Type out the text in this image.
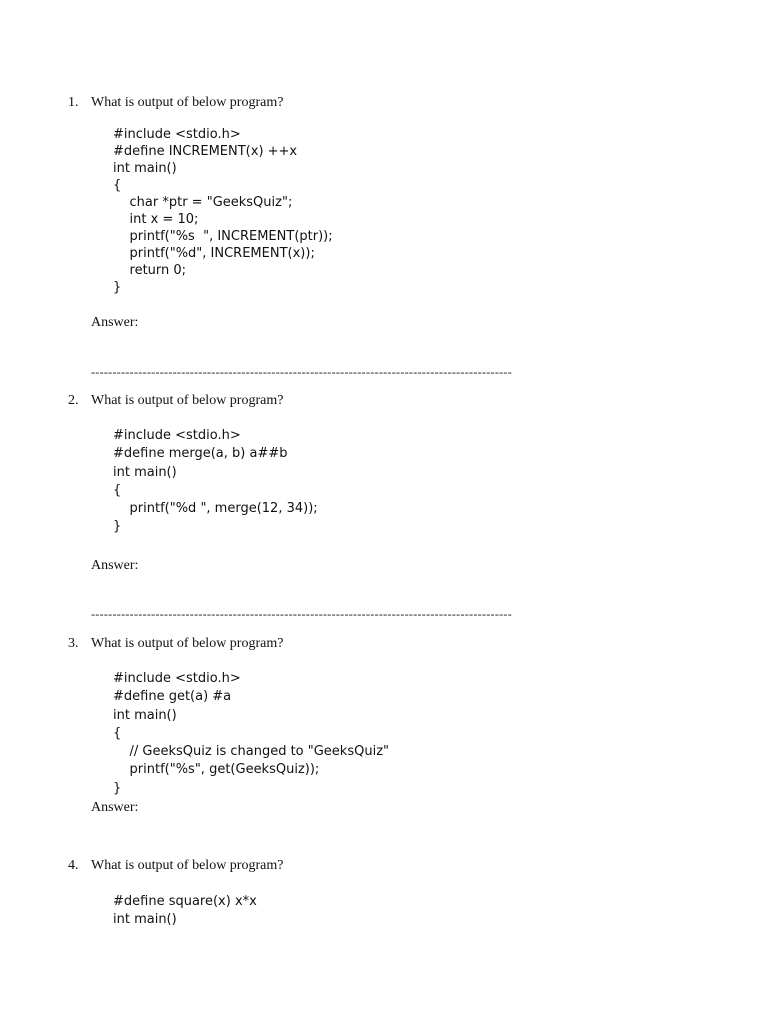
1. What is output of below program?
#include <stdio.h>
#define INCREMENT(x) ++x
int main()
{
char *ptr = "GeeksQuiz";
int x = 10;
printf("%s  ", INCREMENT(ptr));
printf("%d", INCREMENT(x));
return 0;
}
Answer:
--------------------------------------------------------------------------------------------------
2. What is output of below program?
#include <stdio.h>
#define merge(a, b) a##b
int main()
{
printf("%d ", merge(12, 34));
}
Answer:
--------------------------------------------------------------------------------------------------
3. What is output of below program?
#include <stdio.h>
#define get(a) #a
int main()
{
// GeeksQuiz is changed to "GeeksQuiz"
printf("%s", get(GeeksQuiz));
}
Answer:
4. What is output of below program?
#define square(x) x*x
int main()
